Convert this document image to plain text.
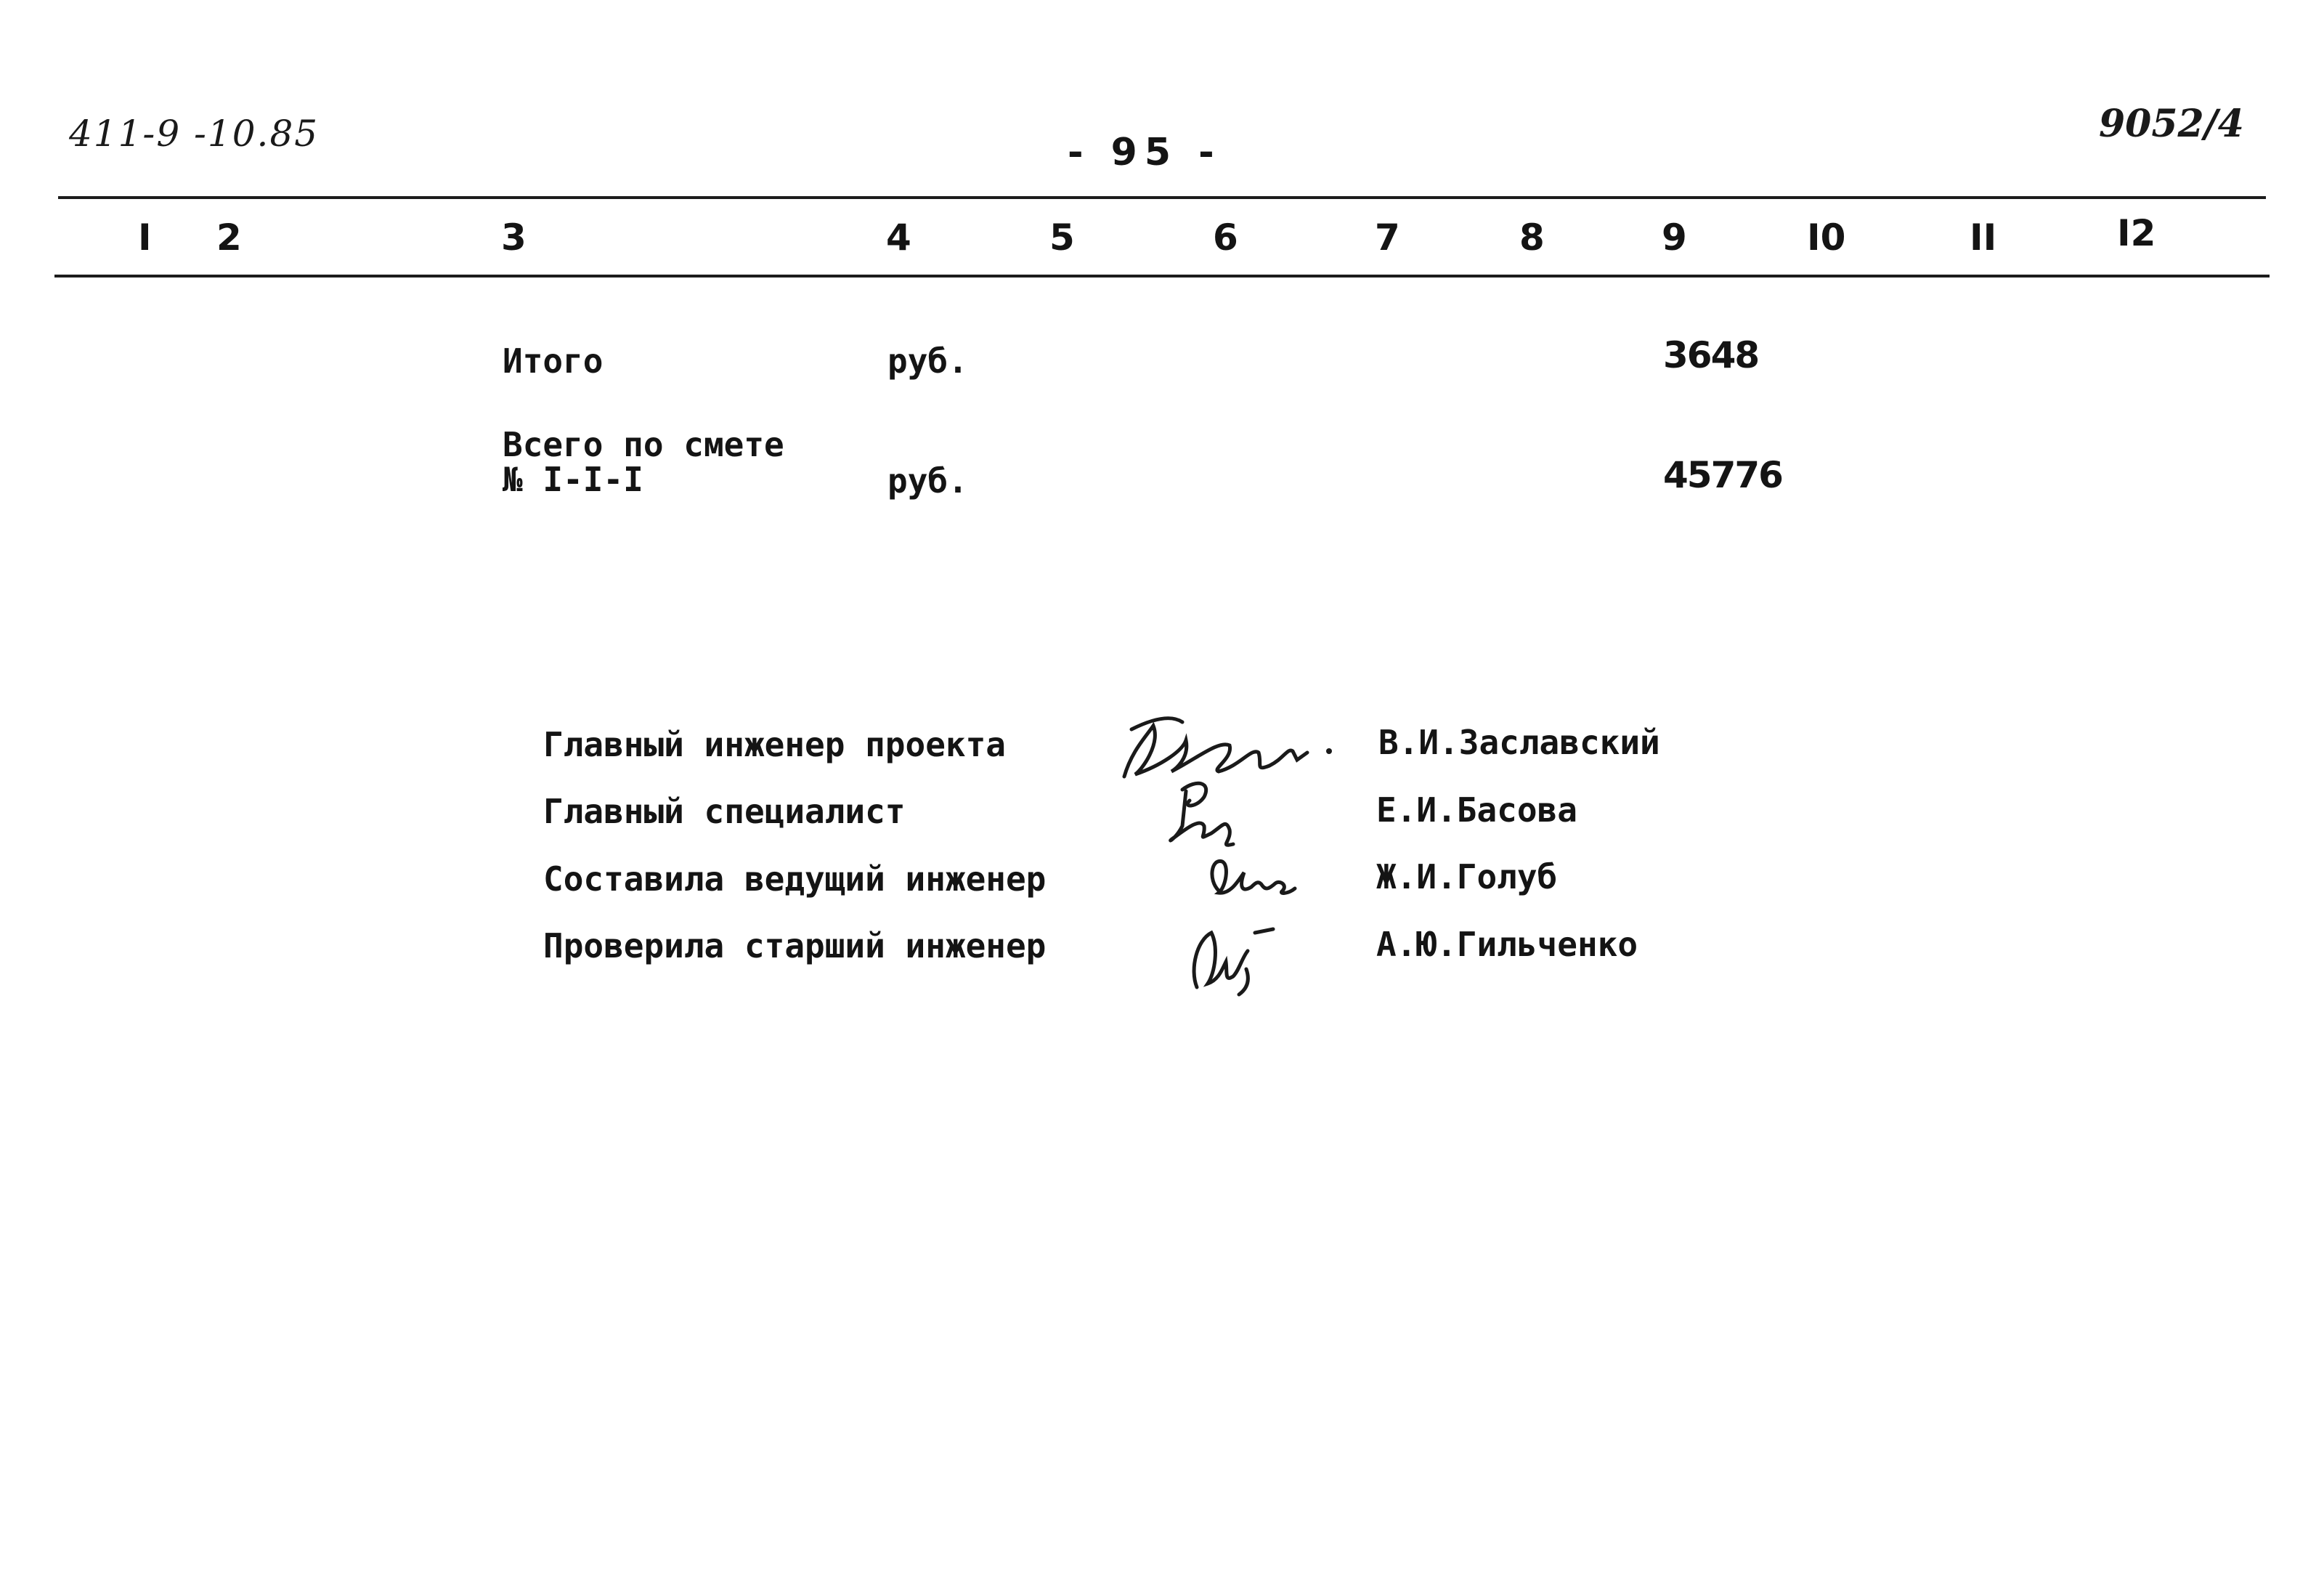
411-9 -10.85	- 95 -
9052/4
I 2	3	4	5	6	7	8	9	I0	II	I2
Итого	руб.	3648
Всего по смете
№ I-I-I	руб.	45776
Главный инженер проекта

	В.И.Заславский
Главный специалист

	Е.И.Басова
Составила ведущий инженер

	Ж.И.Голуб
Проверила старший инженер

	А.Ю.Гильченко
